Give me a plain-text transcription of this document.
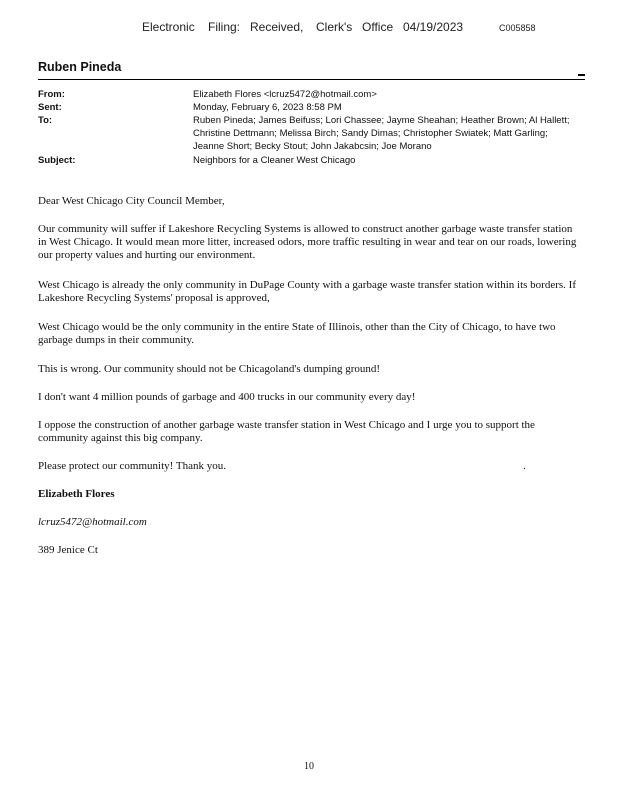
Electronic Filing: Received, Clerk's Office 04/19/2023	C005858
Ruben Pineda
From:	Elizabeth Flores <lcruz5472@hotmail.com>
Sent:	Monday, February 6, 2023 8:58 PM
To:	Ruben Pineda; James Beifuss; Lori Chassee; Jayme Sheahan; Heather Brown; Al Hallett;
Christine Dettmann; Melissa Birch; Sandy Dimas; Christopher Swiatek; Matt Garling;
Jeanne Short; Becky Stout; John Jakabcsin; Joe Morano
Subject:	Neighbors for a Cleaner West Chicago

Dear West Chicago City Council Member,

Our community will suffer if Lakeshore Recycling Systems is allowed to construct another garbage waste transfer station in West Chicago. It would mean more litter, increased odors, more traffic resulting in wear and tear on our roads, lowering our property values and hurting our environment.

West Chicago is already the only community in DuPage County with a garbage waste transfer station within its borders. If Lakeshore Recycling Systems' proposal is approved,

West Chicago would be the only community in the entire State of Illinois, other than the City of Chicago, to have two garbage dumps in their community.

This is wrong. Our community should not be Chicagoland's dumping ground!

I don't want 4 million pounds of garbage and 400 trucks in our community every day!

I oppose the construction of another garbage waste transfer station in West Chicago and I urge you to support the community against this big company.

Please protect our community! Thank you.	.
Elizabeth Flores
lcruz5472@hotmail.com
389 Jenice Ct
10
